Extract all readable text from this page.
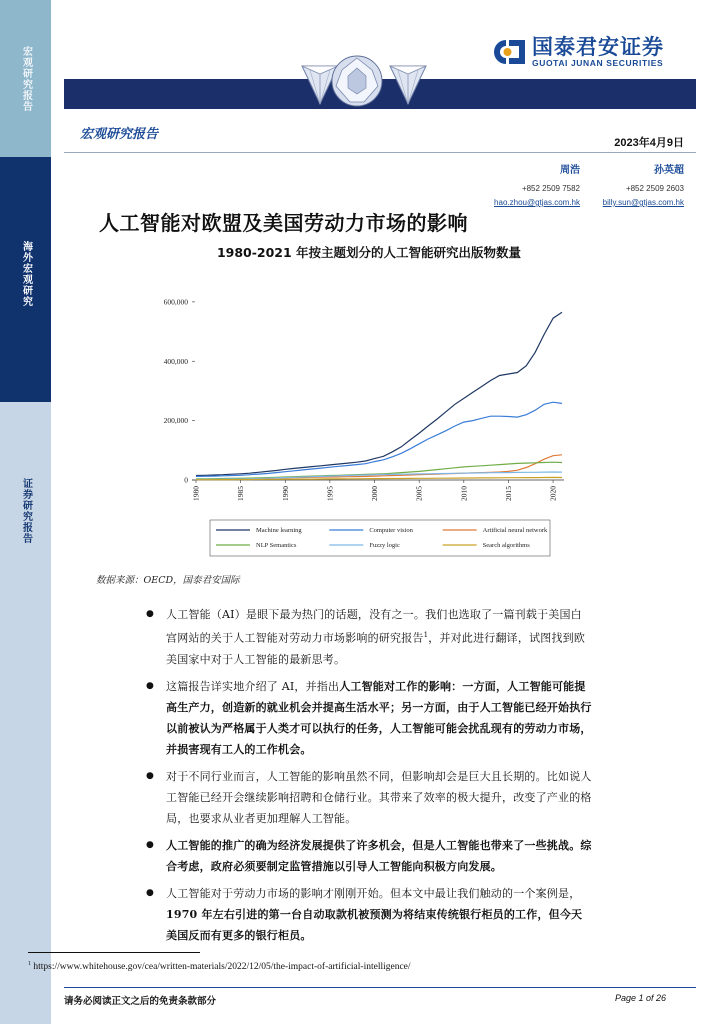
宏观研究报告
海外宏观研究
证券研究报告
国泰君安证券
GUOTAI JUNAN SECURITIES
宏观研究报告
2023年4月9日
周浩
+852 2509 7582
hao.zhou@gtjas.com.hk
孙英超
+852 2509 2603
billy.sun@gtjas.com.hk
人工智能对欧盟及美国劳动力市场的影响
1980-2021 年按主题划分的人工智能研究出版物数量
0
200,000
400,000
600,000
1980	1985	1990	1995	2000	2005	2010	2015	2020
Machine learning	Computer vision	Artificial neural network
NLP Semantics	Fuzzy logic	Search algorithms
数据来源：OECD，国泰君安国际
● 人工智能（AI）是眼下最为热门的话题，没有之一。我们也选取了一篇刊载于美国白宫网站的关于人工智能对劳动力市场影响的研究报告$^1$，并对此进行翻译，试图找到欧美国家中对于人工智能的最新思考。
● 这篇报告详实地介绍了 AI，并指出人工智能对工作的影响：一方面，人工智能可能提高生产力，创造新的就业机会并提高生活水平；另一方面，由于人工智能已经开始执行以前被认为严格属于人类才可以执行的任务，人工智能可能会扰乱现有的劳动力市场，并损害现有工人的工作机会。
● 对于不同行业而言，人工智能的影响虽然不同，但影响却会是巨大且长期的。比如说人工智能已经开会继续影响招聘和仓储行业。其带来了效率的极大提升，改变了产业的格局，也要求从业者更加理解人工智能。
● 人工智能的推广的确为经济发展提供了许多机会，但是人工智能也带来了一些挑战。综合考虑，政府必须要制定监管措施以引导人工智能向积极方向发展。
● 人工智能对于劳动力市场的影响才刚刚开始。但本文中最让我们触动的一个案例是，1970 年左右引进的第一台自动取款机被预测为将结束传统银行柜员的工作，但今天美国反而有更多的银行柜员。
$^1$ https://www.whitehouse.gov/cea/written-materials/2022/12/05/the-impact-of-artificial-intelligence/
请务必阅读正文之后的免责条款部分	Page 1 of 26
